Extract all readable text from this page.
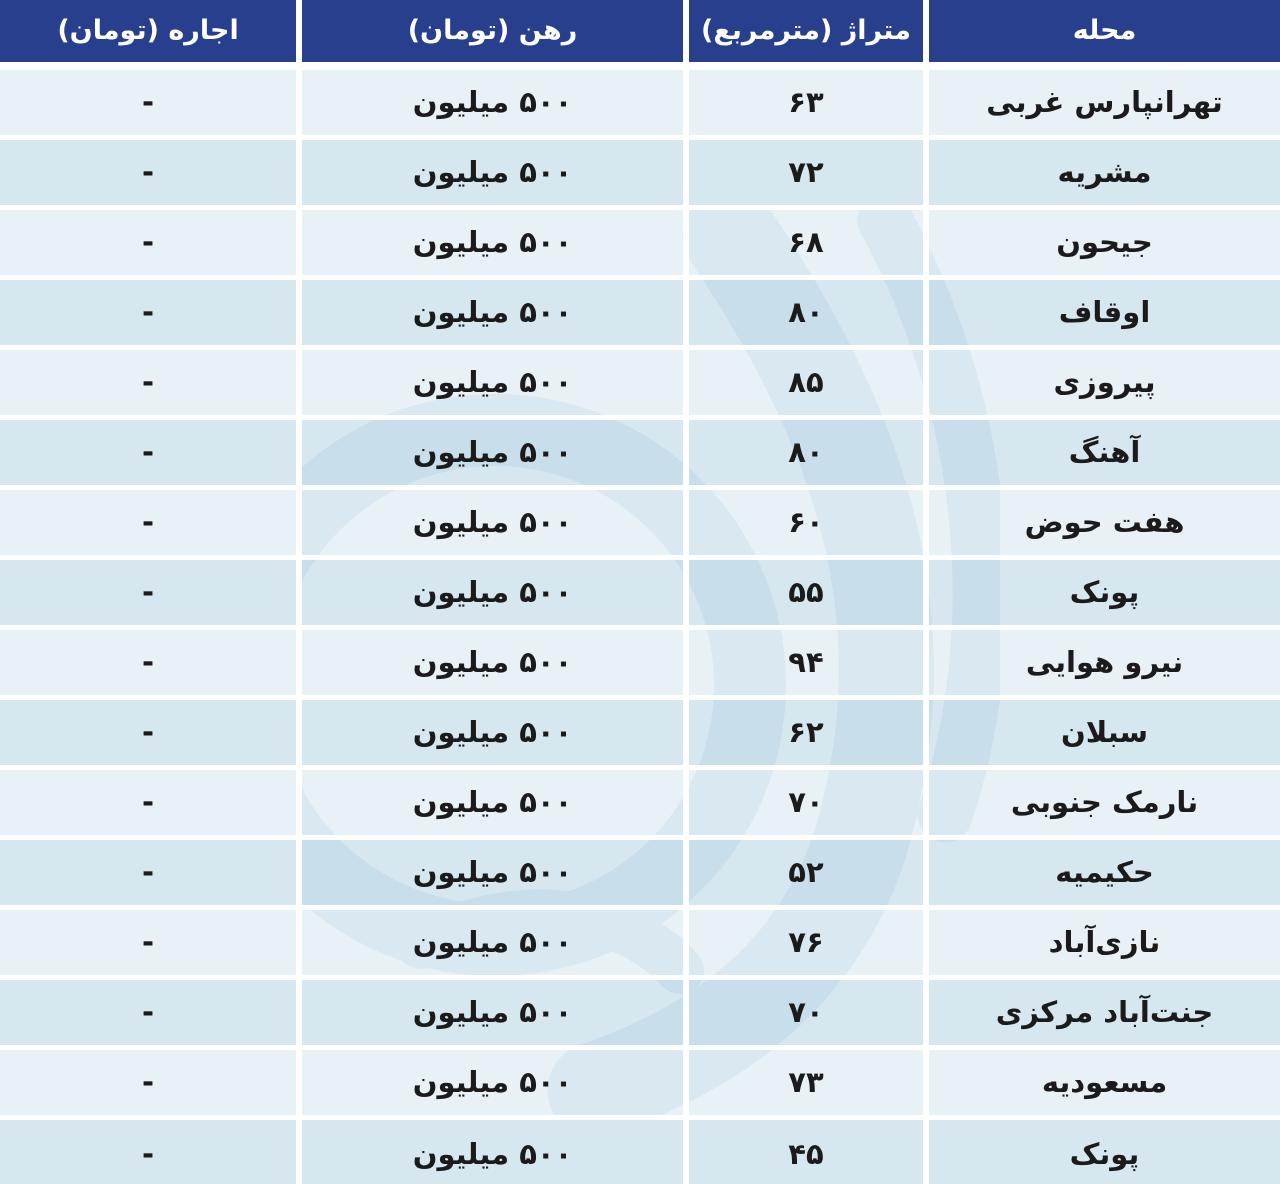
محله
متراژ (مترمربع)
رهن (تومان)
اجاره (تومان)
تهرانپارس غربی
۶۳
۵۰۰ میلیون
-
مشریه
۷۲
۵۰۰ میلیون
-
جیحون
۶۸
۵۰۰ میلیون
-
اوقاف
۸۰
۵۰۰ میلیون
-
پیروزی
۸۵
۵۰۰ میلیون
-
آهنگ
۸۰
۵۰۰ میلیون
-
هفت حوض
۶۰
۵۰۰ میلیون
-
پونک
۵۵
۵۰۰ میلیون
-
نیرو هوایی
۹۴
۵۰۰ میلیون
-
سبلان
۶۲
۵۰۰ میلیون
-
نارمک جنوبی
۷۰
۵۰۰ میلیون
-
حکیمیه
۵۲
۵۰۰ میلیون
-
نازی‌آباد
۷۶
۵۰۰ میلیون
-
جنت‌آباد مرکزی
۷۰
۵۰۰ میلیون
-
مسعودیه
۷۳
۵۰۰ میلیون
-
پونک
۴۵
۵۰۰ میلیون
-
